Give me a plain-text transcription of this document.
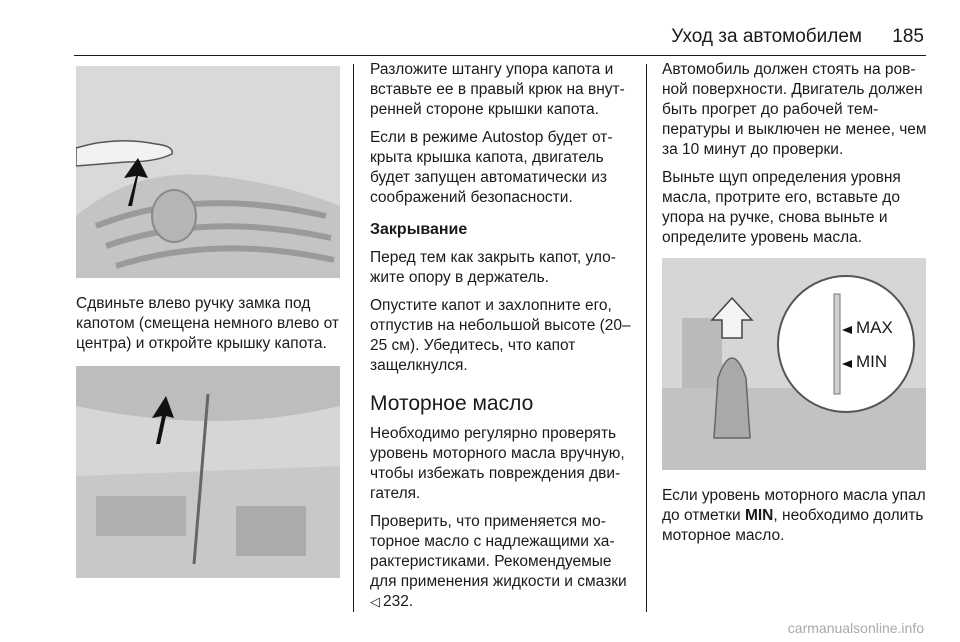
Уход за автомобилем 185

Сдвиньте влево ручку замка под капотом (смещена немного влево от центра) и откройте крышку капота.

Разложите штангу упора капота и вставьте ее в правый крюк на внутренней стороне крышки капота.

Если в режиме Autostop будет открыта крышка капота, двигатель будет запущен автоматически из соображений безопасности.

Закрывание

Перед тем как закрыть капот, уложите опору в держатель.

Опустите капот и захлопните его, отпустив на небольшой высоте (20–25 см). Убедитесь, что капот защелкнулся.

Моторное масло

Необходимо регулярно проверять уровень моторного масла вручную, чтобы избежать повреждения двигателя.

Проверить, что применяется моторное масло с надлежащими характеристиками. Рекомендуемые для применения жидкости и смазки
◁ 232.

Автомобиль должен стоять на ровной поверхности. Двигатель должен быть прогрет до рабочей температуры и выключен не менее, чем за 10 минут до проверки.

Выньте щуп определения уровня масла, протрите его, вставьте до упора на ручке, снова выньте и определите уровень масла.

MAX
MIN

Если уровень моторного масла упал до отметки MIN, необходимо долить моторное масло.

carmanualsonline.info
